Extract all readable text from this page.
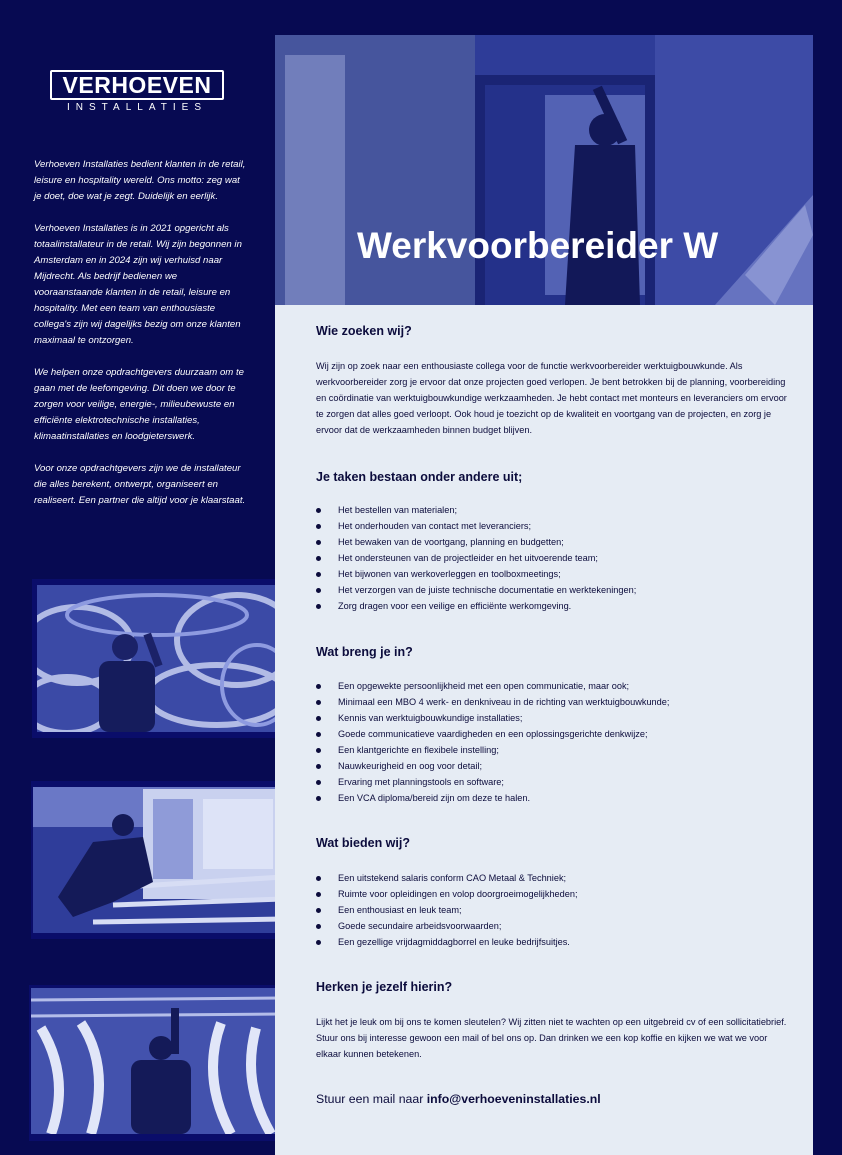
VERHOEVEN
INSTALLATIES

Verhoeven Installaties bedient klanten in de retail, leisure en hospitality wereld. Ons motto: zeg wat je doet, doe wat je zegt. Duidelijk en eerlijk.

Verhoeven Installaties is in 2021 opgericht als totaalinstallateur in de retail. Wij zijn begonnen in Amsterdam en in 2024 zijn wij verhuisd naar Mijdrecht. Als bedrijf bedienen we vooraanstaande klanten in de retail, leisure en hospitality. Met een team van enthousiaste collega's zijn wij dagelijks bezig om onze klanten maximaal te ontzorgen.

We helpen onze opdrachtgevers duurzaam om te gaan met de leefomgeving. Dit doen we door te zorgen voor veilige, energie-, milieubewuste en efficiënte elektrotechnische installaties, klimaatinstallaties en loodgieterswerk.

Voor onze opdrachtgevers zijn we de installateur die alles berekent, ontwerpt, organiseert en realiseert. Een partner die altijd voor je klaarstaat.

Werkvoorbereider W
Wie zoeken wij?

Wij zijn op zoek naar een enthousiaste collega voor de functie werkvoorbereider werktuigbouwkunde. Als werkvoorbereider zorg je ervoor dat onze projecten goed verlopen. Je bent betrokken bij de planning, voorbereiding en coördinatie van werktuigbouwkundige werkzaamheden. Je hebt contact met monteurs en leveranciers om ervoor te zorgen dat alles goed verloopt. Ook houd je toezicht op de kwaliteit en voortgang van de projecten, en zorg je ervoor dat de werkzaamheden binnen budget blijven.

Je taken bestaan onder andere uit;
Het bestellen van materialen;
Het onderhouden van contact met leveranciers;
Het bewaken van de voortgang, planning en budgetten;
Het ondersteunen van de projectleider en het uitvoerende team;
Het bijwonen van werkoverleggen en toolboxmeetings;
Het verzorgen van de juiste technische documentatie en werktekeningen;
Zorg dragen voor een veilige en efficiënte werkomgeving.
Wat breng je in?
Een opgewekte persoonlijkheid met een open communicatie, maar ook;
Minimaal een MBO 4 werk- en denkniveau in de richting van werktuigbouwkunde;
Kennis van werktuigbouwkundige installaties;
Goede communicatieve vaardigheden en een oplossingsgerichte denkwijze;
Een klantgerichte en flexibele instelling;
Nauwkeurigheid en oog voor detail;
Ervaring met planningstools en software;
Een VCA diploma/bereid zijn om deze te halen.
Wat bieden wij?
Een uitstekend salaris conform CAO Metaal & Techniek;
Ruimte voor opleidingen en volop doorgroeimogelijkheden;
Een enthousiast en leuk team;
Goede secundaire arbeidsvoorwaarden;
Een gezellige vrijdagmiddagborrel en leuke bedrijfsuitjes.
Herken je jezelf hierin?

Lijkt het je leuk om bij ons te komen sleutelen? Wij zitten niet te wachten op een uitgebreid cv of een sollicitatiebrief. Stuur ons bij interesse gewoon een mail of bel ons op. Dan drinken we een kop koffie en kijken we wat we voor elkaar kunnen betekenen.

Stuur een mail naar info@verhoeveninstallaties.nl
